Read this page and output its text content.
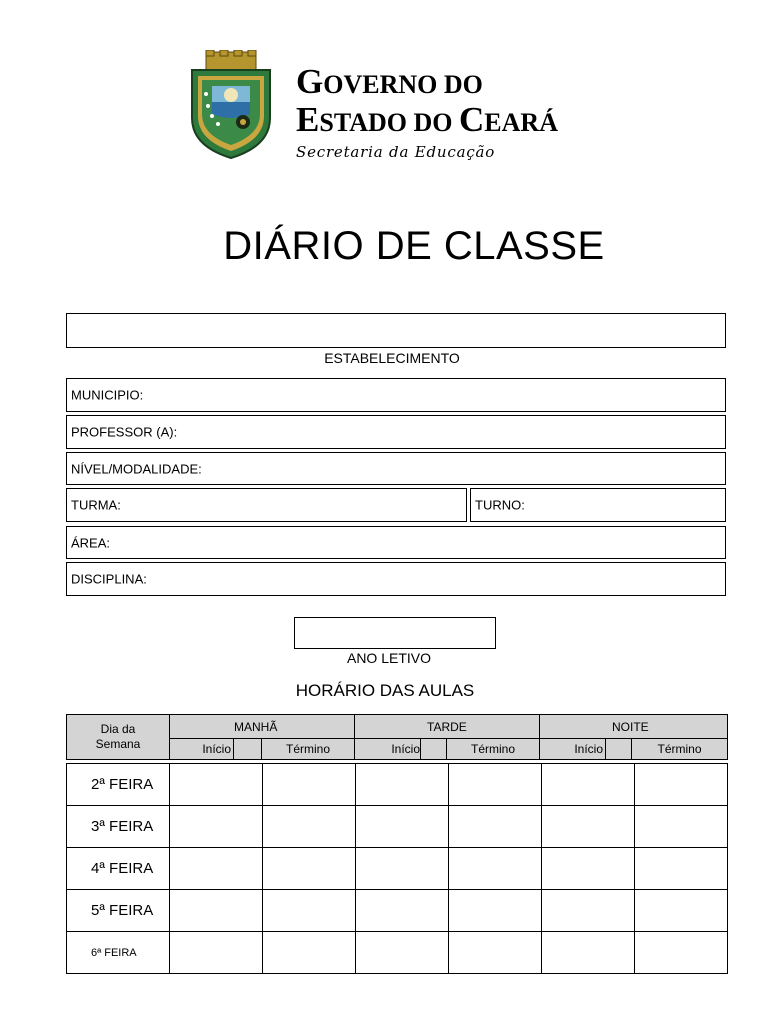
GOVERNO DO
ESTADO DO CEARÁ
Secretaria da Educação
DIÁRIO DE CLASSE
ESTABELECIMENTO
MUNICIPIO:
PROFESSOR (A):
NÍVEL/MODALIDADE:
TURMA:	TURNO:
ÁREA:
DISCIPLINA:
ANO LETIVO
HORÁRIO DAS AULAS
Dia da
Semana	MANHÃ			TARDE			NOITE		
	Início		Término	Início		Término	Início		Término
2ª FEIRA						
3ª FEIRA						
4ª FEIRA						
5ª FEIRA						
6ª FEIRA						
